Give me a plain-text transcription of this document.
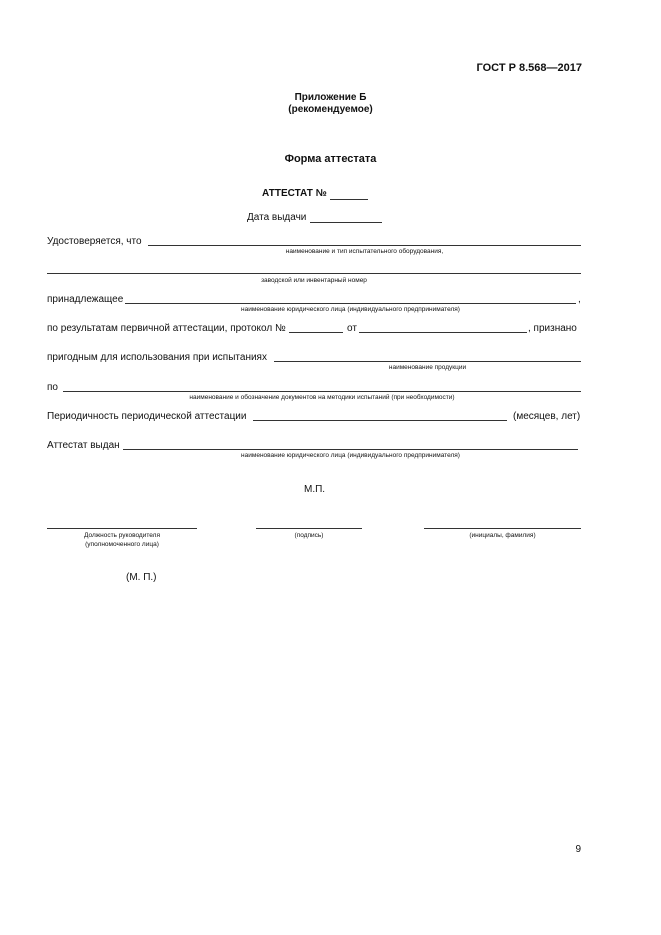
ГОСТ Р 8.568—2017
Приложение Б
(рекомендуемое)
Форма аттестата
АТТЕСТАТ №
Дата выдачи
Удостоверяется, что
наименование и тип испытательного оборудования,
заводской или инвентарный номер
принадлежащее	,
наименование юридического лица (индивидуального предпринимателя)
по результатам первичной аттестации, протокол №	от	, признано
пригодным для использования при испытаниях
наименование продукции
по
наименование и обозначение документов на методики испытаний (при необходимости)
Периодичность периодической аттестации	(месяцев, лет)
Аттестат выдан
наименование юридического лица (индивидуального предпринимателя)
М.П.
Должность руководителя
(уполномоченного лица)
(подпись)	(инициалы, фамилия)
(М. П.)
9
